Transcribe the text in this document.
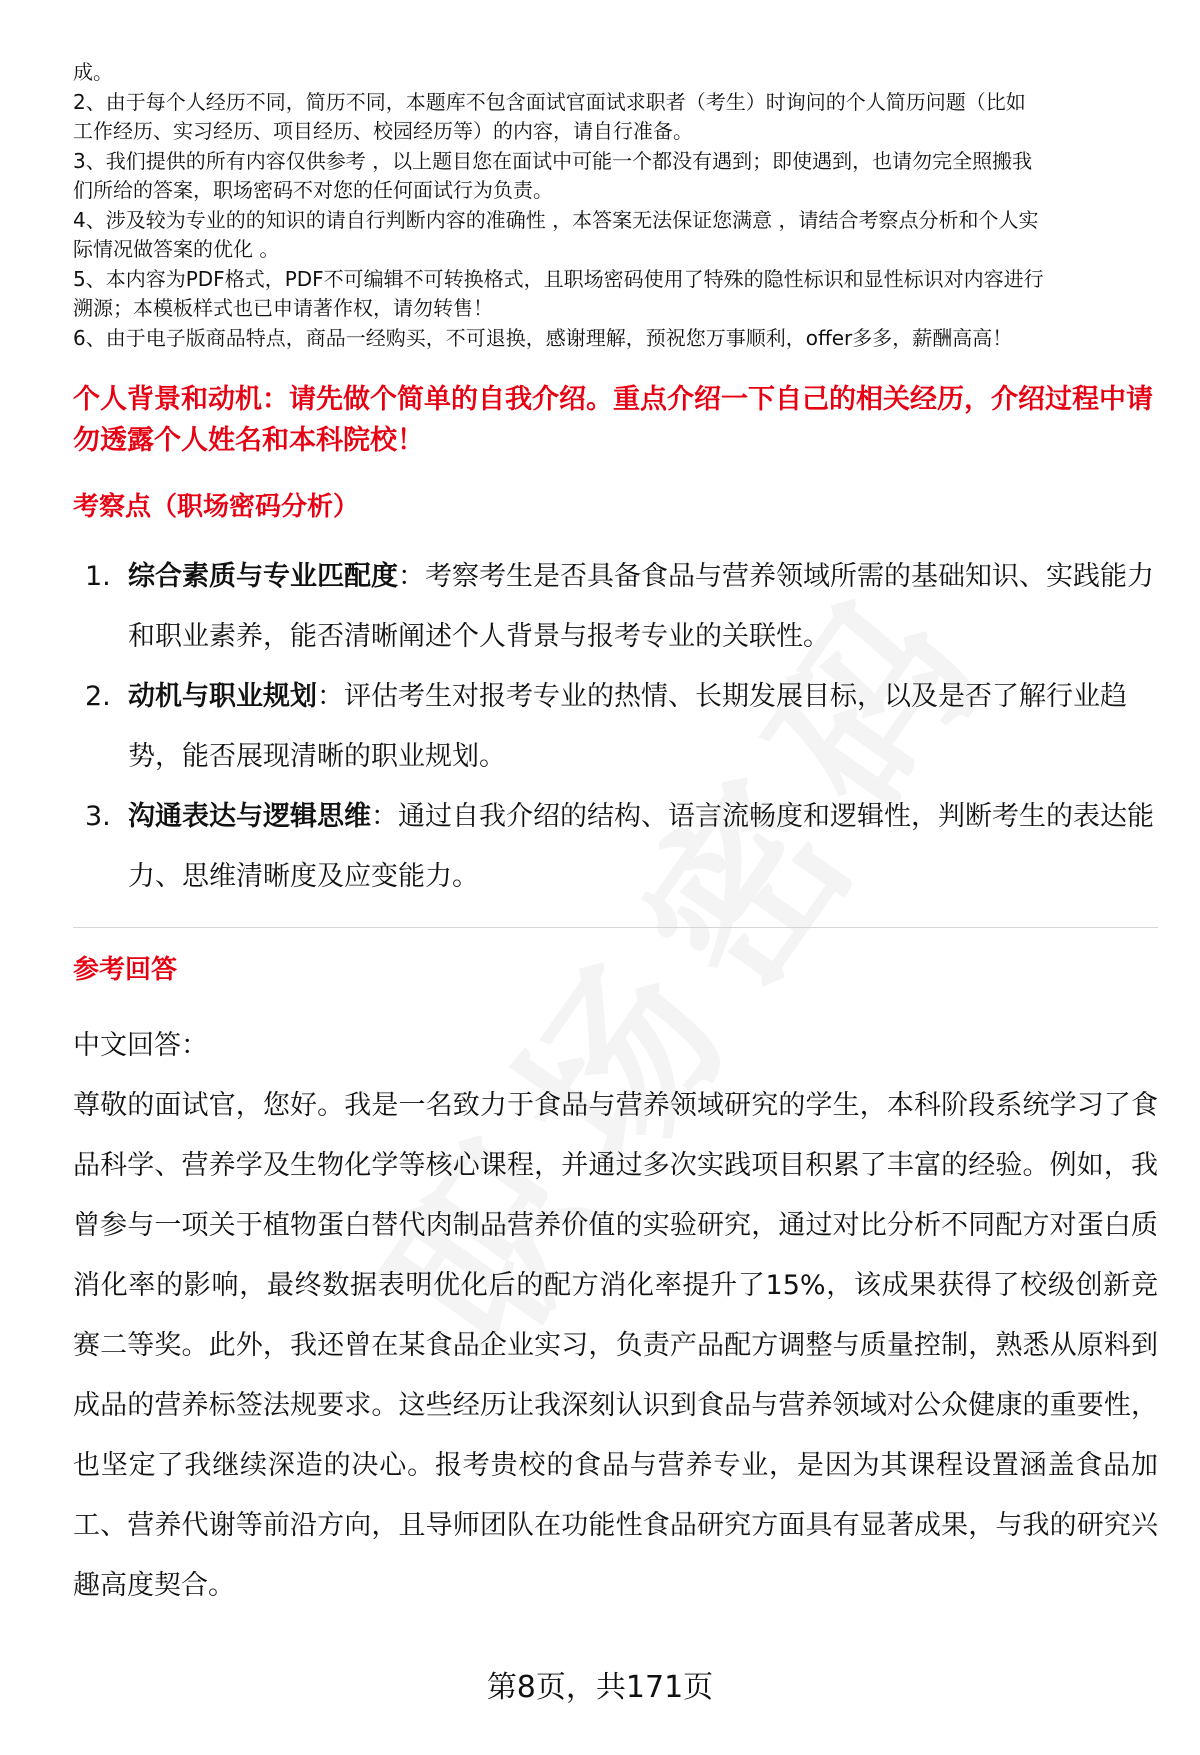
成。

2、由于每个人经历不同，简历不同，本题库不包含面试官面试求职者（考生）时询问的个人简历问题（比如

工作经历、实习经历、项目经历、校园经历等）的内容，请自行准备。

3、我们提供的所有内容仅供参考 ，以上题目您在面试中可能一个都没有遇到；即使遇到，也请勿完全照搬我

们所给的答案，职场密码不对您的任何面试行为负责。

4、涉及较为专业的的知识的请自行判断内容的准确性 ，本答案无法保证您满意 ，请结合考察点分析和个人实

际情况做答案的优化 。

5、本内容为PDF格式，PDF不可编辑不可转换格式，且职场密码使用了特殊的隐性标识和显性标识对内容进行

溯源；本模板样式也已申请著作权，请勿转售！

6、由于电子版商品特点，商品一经购买，不可退换，感谢理解，预祝您万事顺利，offer多多，薪酬高高！

个人背景和动机：请先做个简单的自我介绍。重点介绍一下自己的相关经历，介绍过程中请勿透露个人姓名和本科院校！
考察点（职场密码分析）
1. 综合素质与专业匹配度：考察考生是否具备食品与营养领域所需的基础知识、实践能力和职业素养，能否清晰阐述个人背景与报考专业的关联性。
2. 动机与职业规划：评估考生对报考专业的热情、长期发展目标，以及是否了解行业趋势，能否展现清晰的职业规划。
3. 沟通表达与逻辑思维：通过自我介绍的结构、语言流畅度和逻辑性，判断考生的表达能力、思维清晰度及应变能力。
参考回答
中文回答：
尊敬的面试官，您好。我是一名致力于食品与营养领域研究的学生，本科阶段系统学习了食品科学、营养学及生物化学等核心课程，并通过多次实践项目积累了丰富的经验。例如，我曾参与一项关于植物蛋白替代肉制品营养价值的实验研究，通过对比分析不同配方对蛋白质消化率的影响，最终数据表明优化后的配方消化率提升了15%，该成果获得了校级创新竞赛二等奖。此外，我还曾在某食品企业实习，负责产品配方调整与质量控制，熟悉从原料到成品的营养标签法规要求。这些经历让我深刻认识到食品与营养领域对公众健康的重要性，也坚定了我继续深造的决心。报考贵校的食品与营养专业，是因为其课程设置涵盖食品加工、营养代谢等前沿方向，且导师团队在功能性食品研究方面具有显著成果，与我的研究兴趣高度契合。
第8页，共171页
